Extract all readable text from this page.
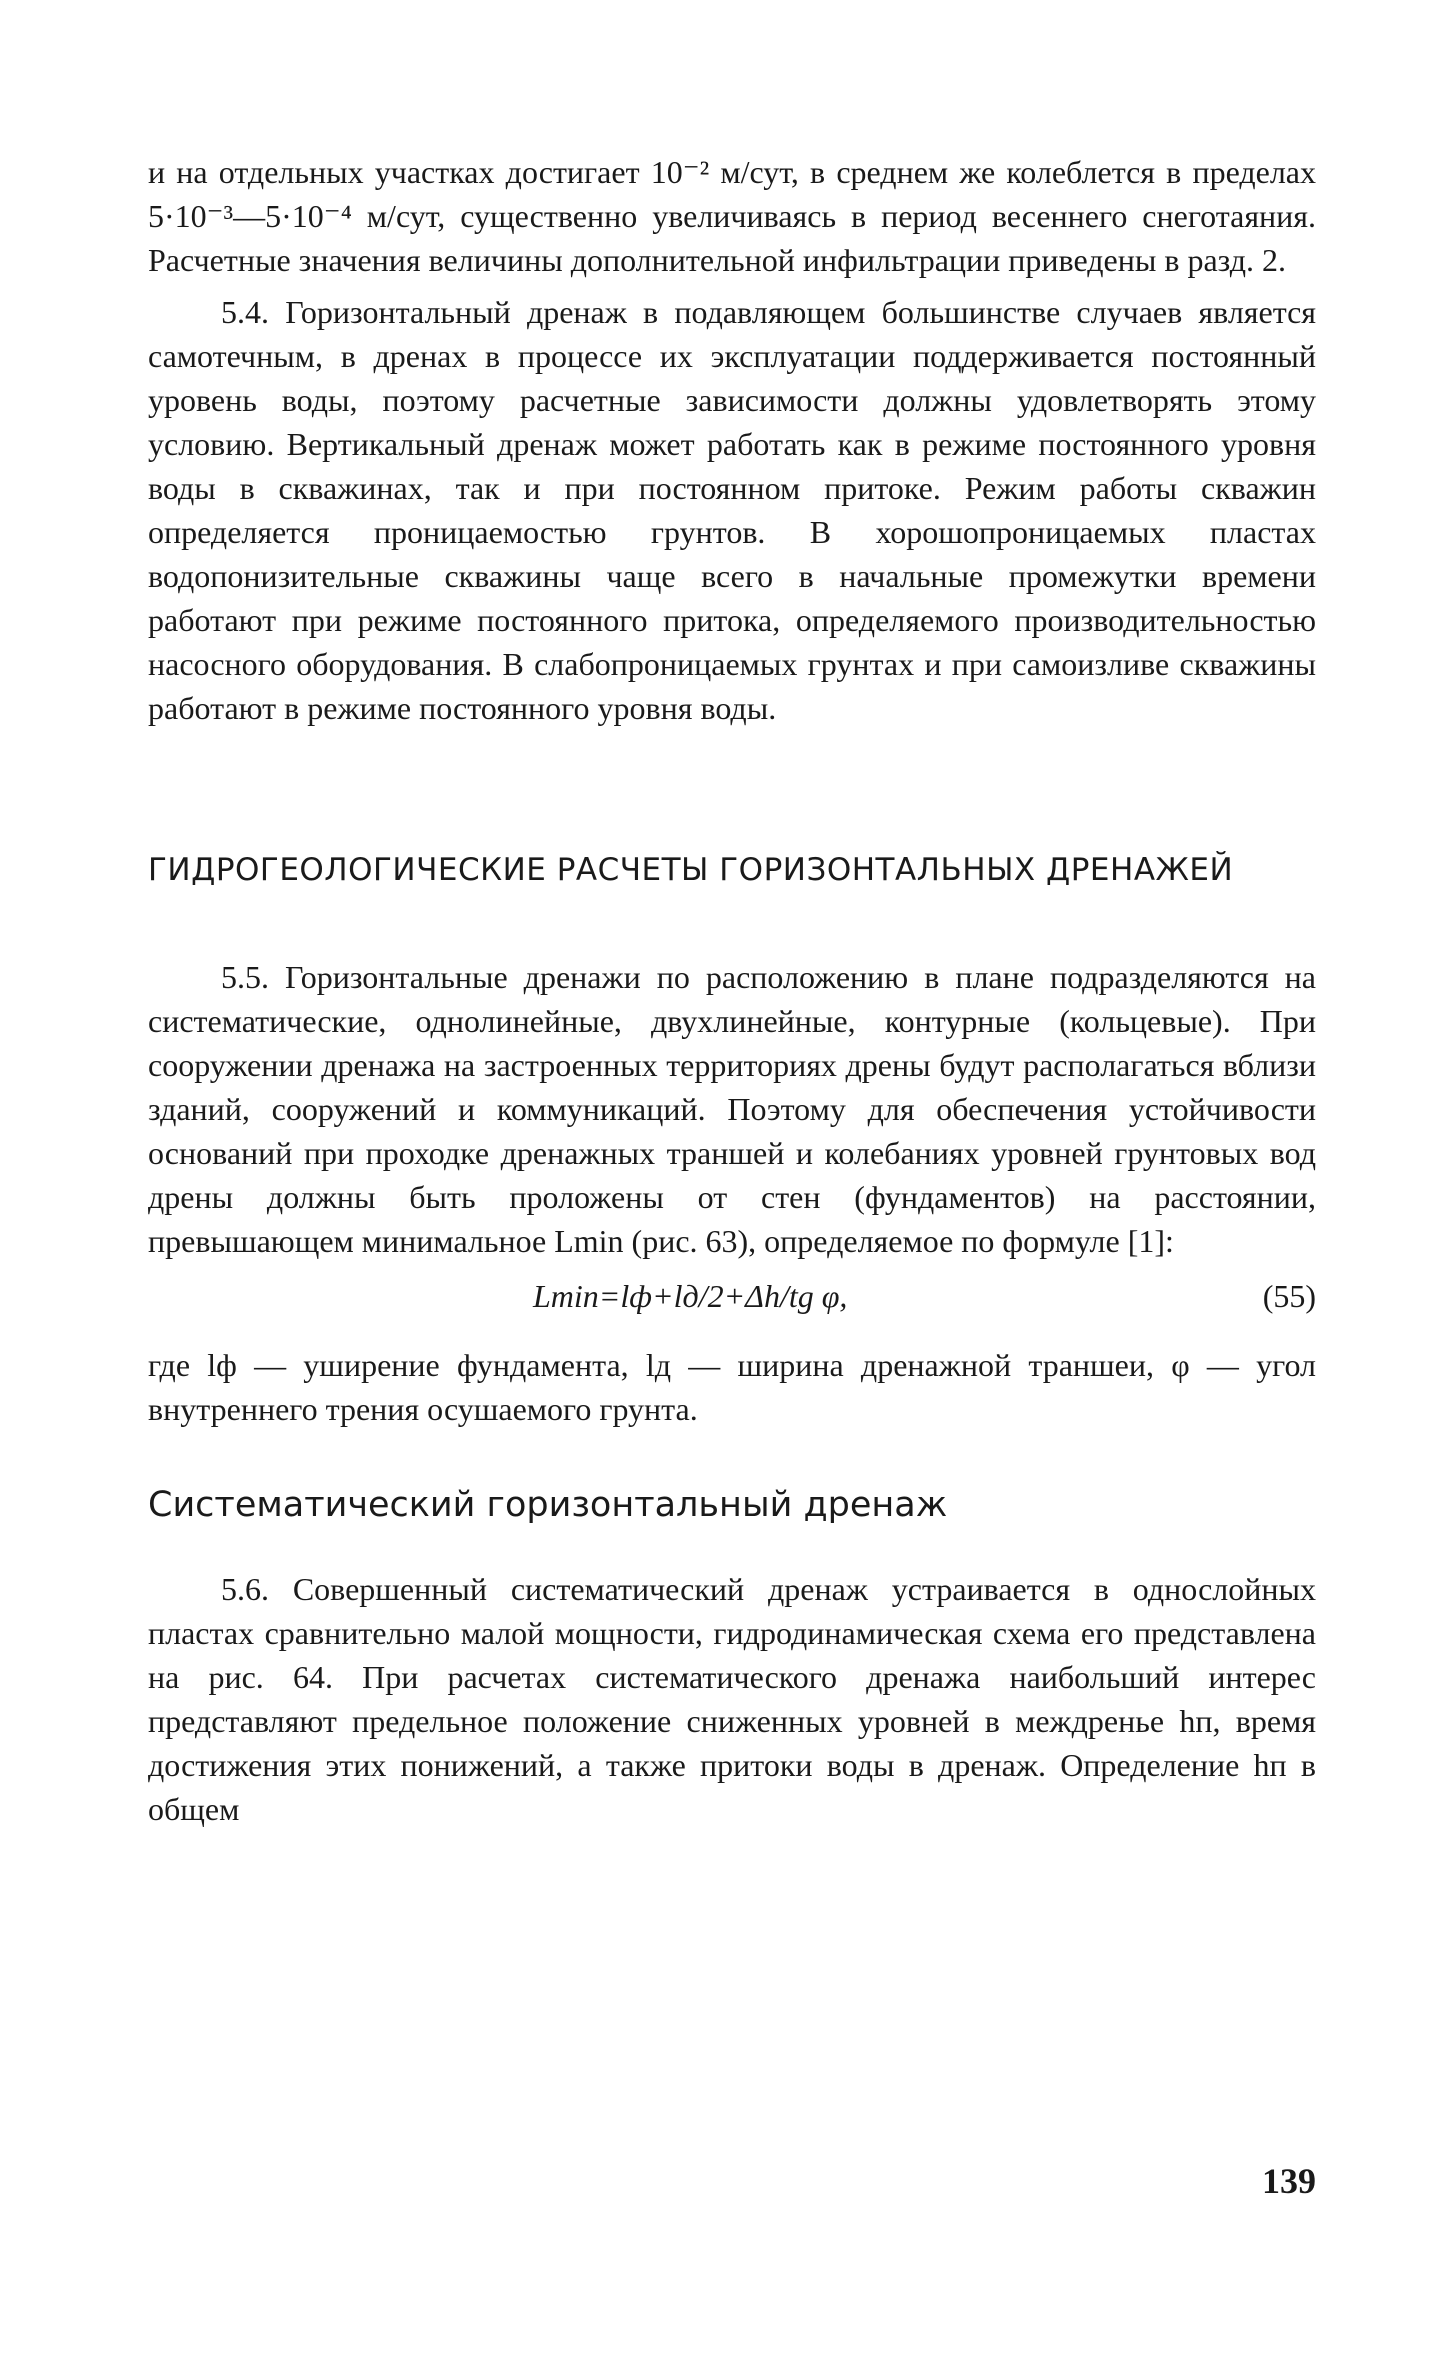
и на отдельных участках достигает 10⁻² м/сут, в среднем же колеблется в пределах 5·10⁻³—5·10⁻⁴ м/сут, существенно увеличиваясь в период весеннего снеготаяния. Расчетные значения величины дополнительной инфильтрации приведены в разд. 2.

5.4. Горизонтальный дренаж в подавляющем большинстве случаев является самотечным, в дренах в процессе их эксплуатации поддерживается постоянный уровень воды, поэтому расчетные зависимости должны удовлетворять этому условию. Вертикальный дренаж может работать как в режиме постоянного уровня воды в скважинах, так и при постоянном притоке. Режим работы скважин определяется проницаемостью грунтов. В хорошопроницаемых пластах водопонизительные скважины чаще всего в начальные промежутки времени работают при режиме постоянного притока, определяемого производительностью насосного оборудования. В слабопроницаемых грунтах и при самоизливе скважины работают в режиме постоянного уровня воды.

ГИДРОГЕОЛОГИЧЕСКИЕ РАСЧЕТЫ ГОРИЗОНТАЛЬНЫХ ДРЕНАЖЕЙ

5.5. Горизонтальные дренажи по расположению в плане подразделяются на систематические, однолинейные, двухлинейные, контурные (кольцевые). При сооружении дренажа на застроенных территориях дрены будут располагаться вблизи зданий, сооружений и коммуникаций. Поэтому для обеспечения устойчивости оснований при проходке дренажных траншей и колебаниях уровней грунтовых вод дрены должны быть проложены от стен (фундаментов) на расстоянии, превышающем минимальное Lmin (рис. 63), определяемое по формуле [1]:

Lmin=lф+lд/2+Δh/tg φ,	(55)

где lф — уширение фундамента, lд — ширина дренажной траншеи, φ — угол внутреннего трения осушаемого грунта.

Систематический горизонтальный дренаж

5.6. Совершенный систематический дренаж устраивается в однослойных пластах сравнительно малой мощности, гидродинамическая схема его представлена на рис. 64. При расчетах систематического дренажа наибольший интерес представляют предельное положение сниженных уровней в междренье hп, время достижения этих понижений, а также притоки воды в дренаж. Определение hп в общем

139
